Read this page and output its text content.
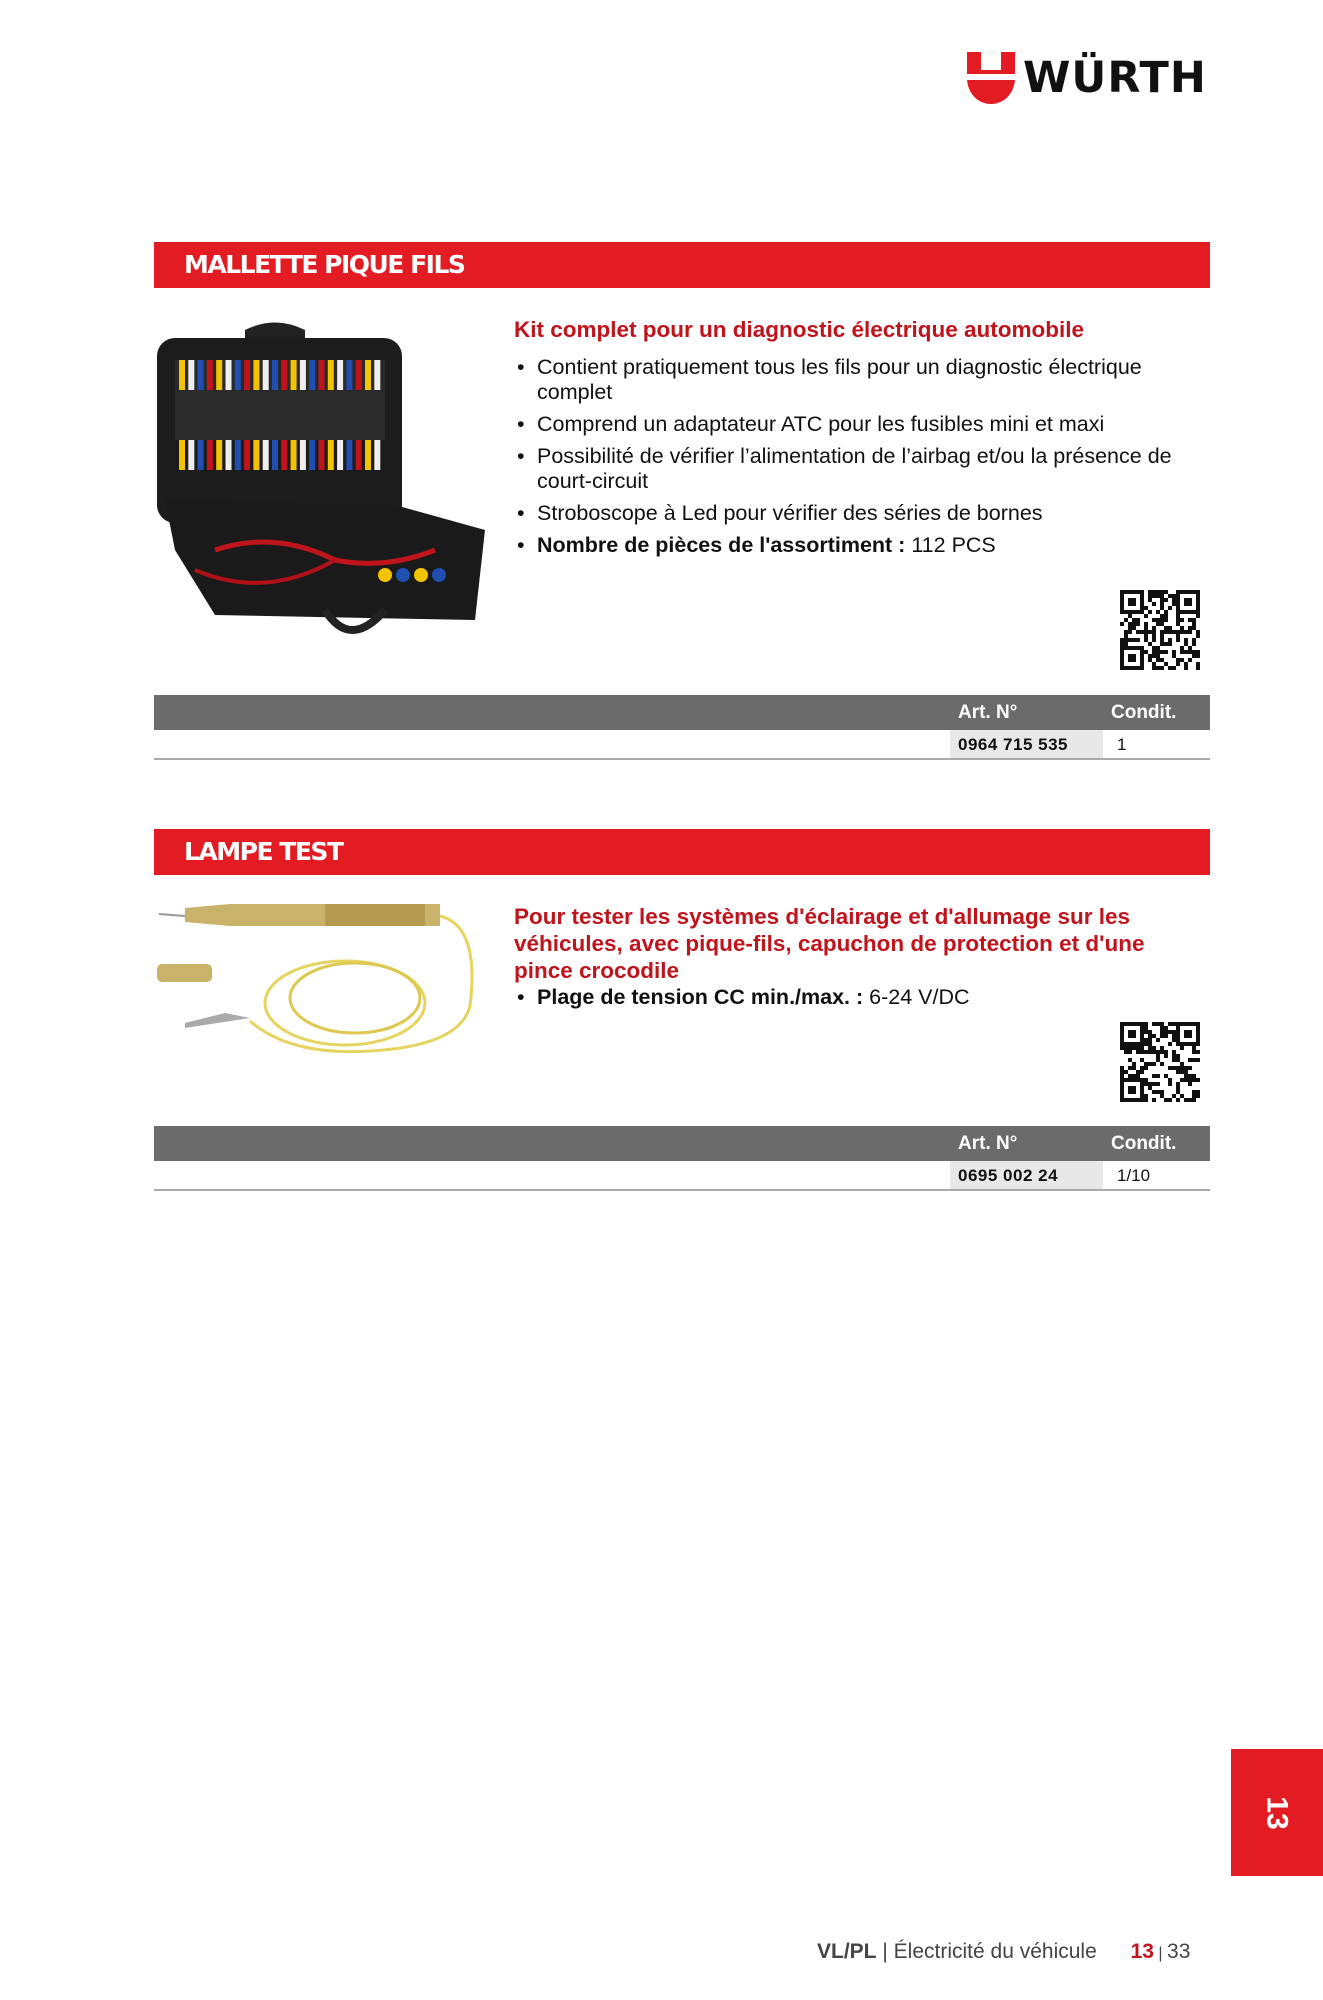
WÜRTH
MALLETTE PIQUE FILS
Kit complet pour un diagnostic électrique automobile
• Contient pratiquement tous les fils pour un diagnostic électrique complet
• Comprend un adaptateur ATC pour les fusibles mini et maxi
• Possibilité de vérifier l’alimentation de l’airbag et/ou la présence de court-circuit
• Stroboscope à Led pour vérifier des séries de bornes
• Nombre de pièces de l'assortiment : 112 PCS
Art. N°	Condit.
0964 715 535	1
LAMPE TEST
Pour tester les systèmes d'éclairage et d'allumage sur les véhicules, avec pique-fils, capuchon de protection et d'une pince crocodile
• Plage de tension CC min./max. : 6-24 V/DC
Art. N°	Condit.
0695 002 24	1/10
13
VL/PL | Électricité du véhicule 13 | 33
